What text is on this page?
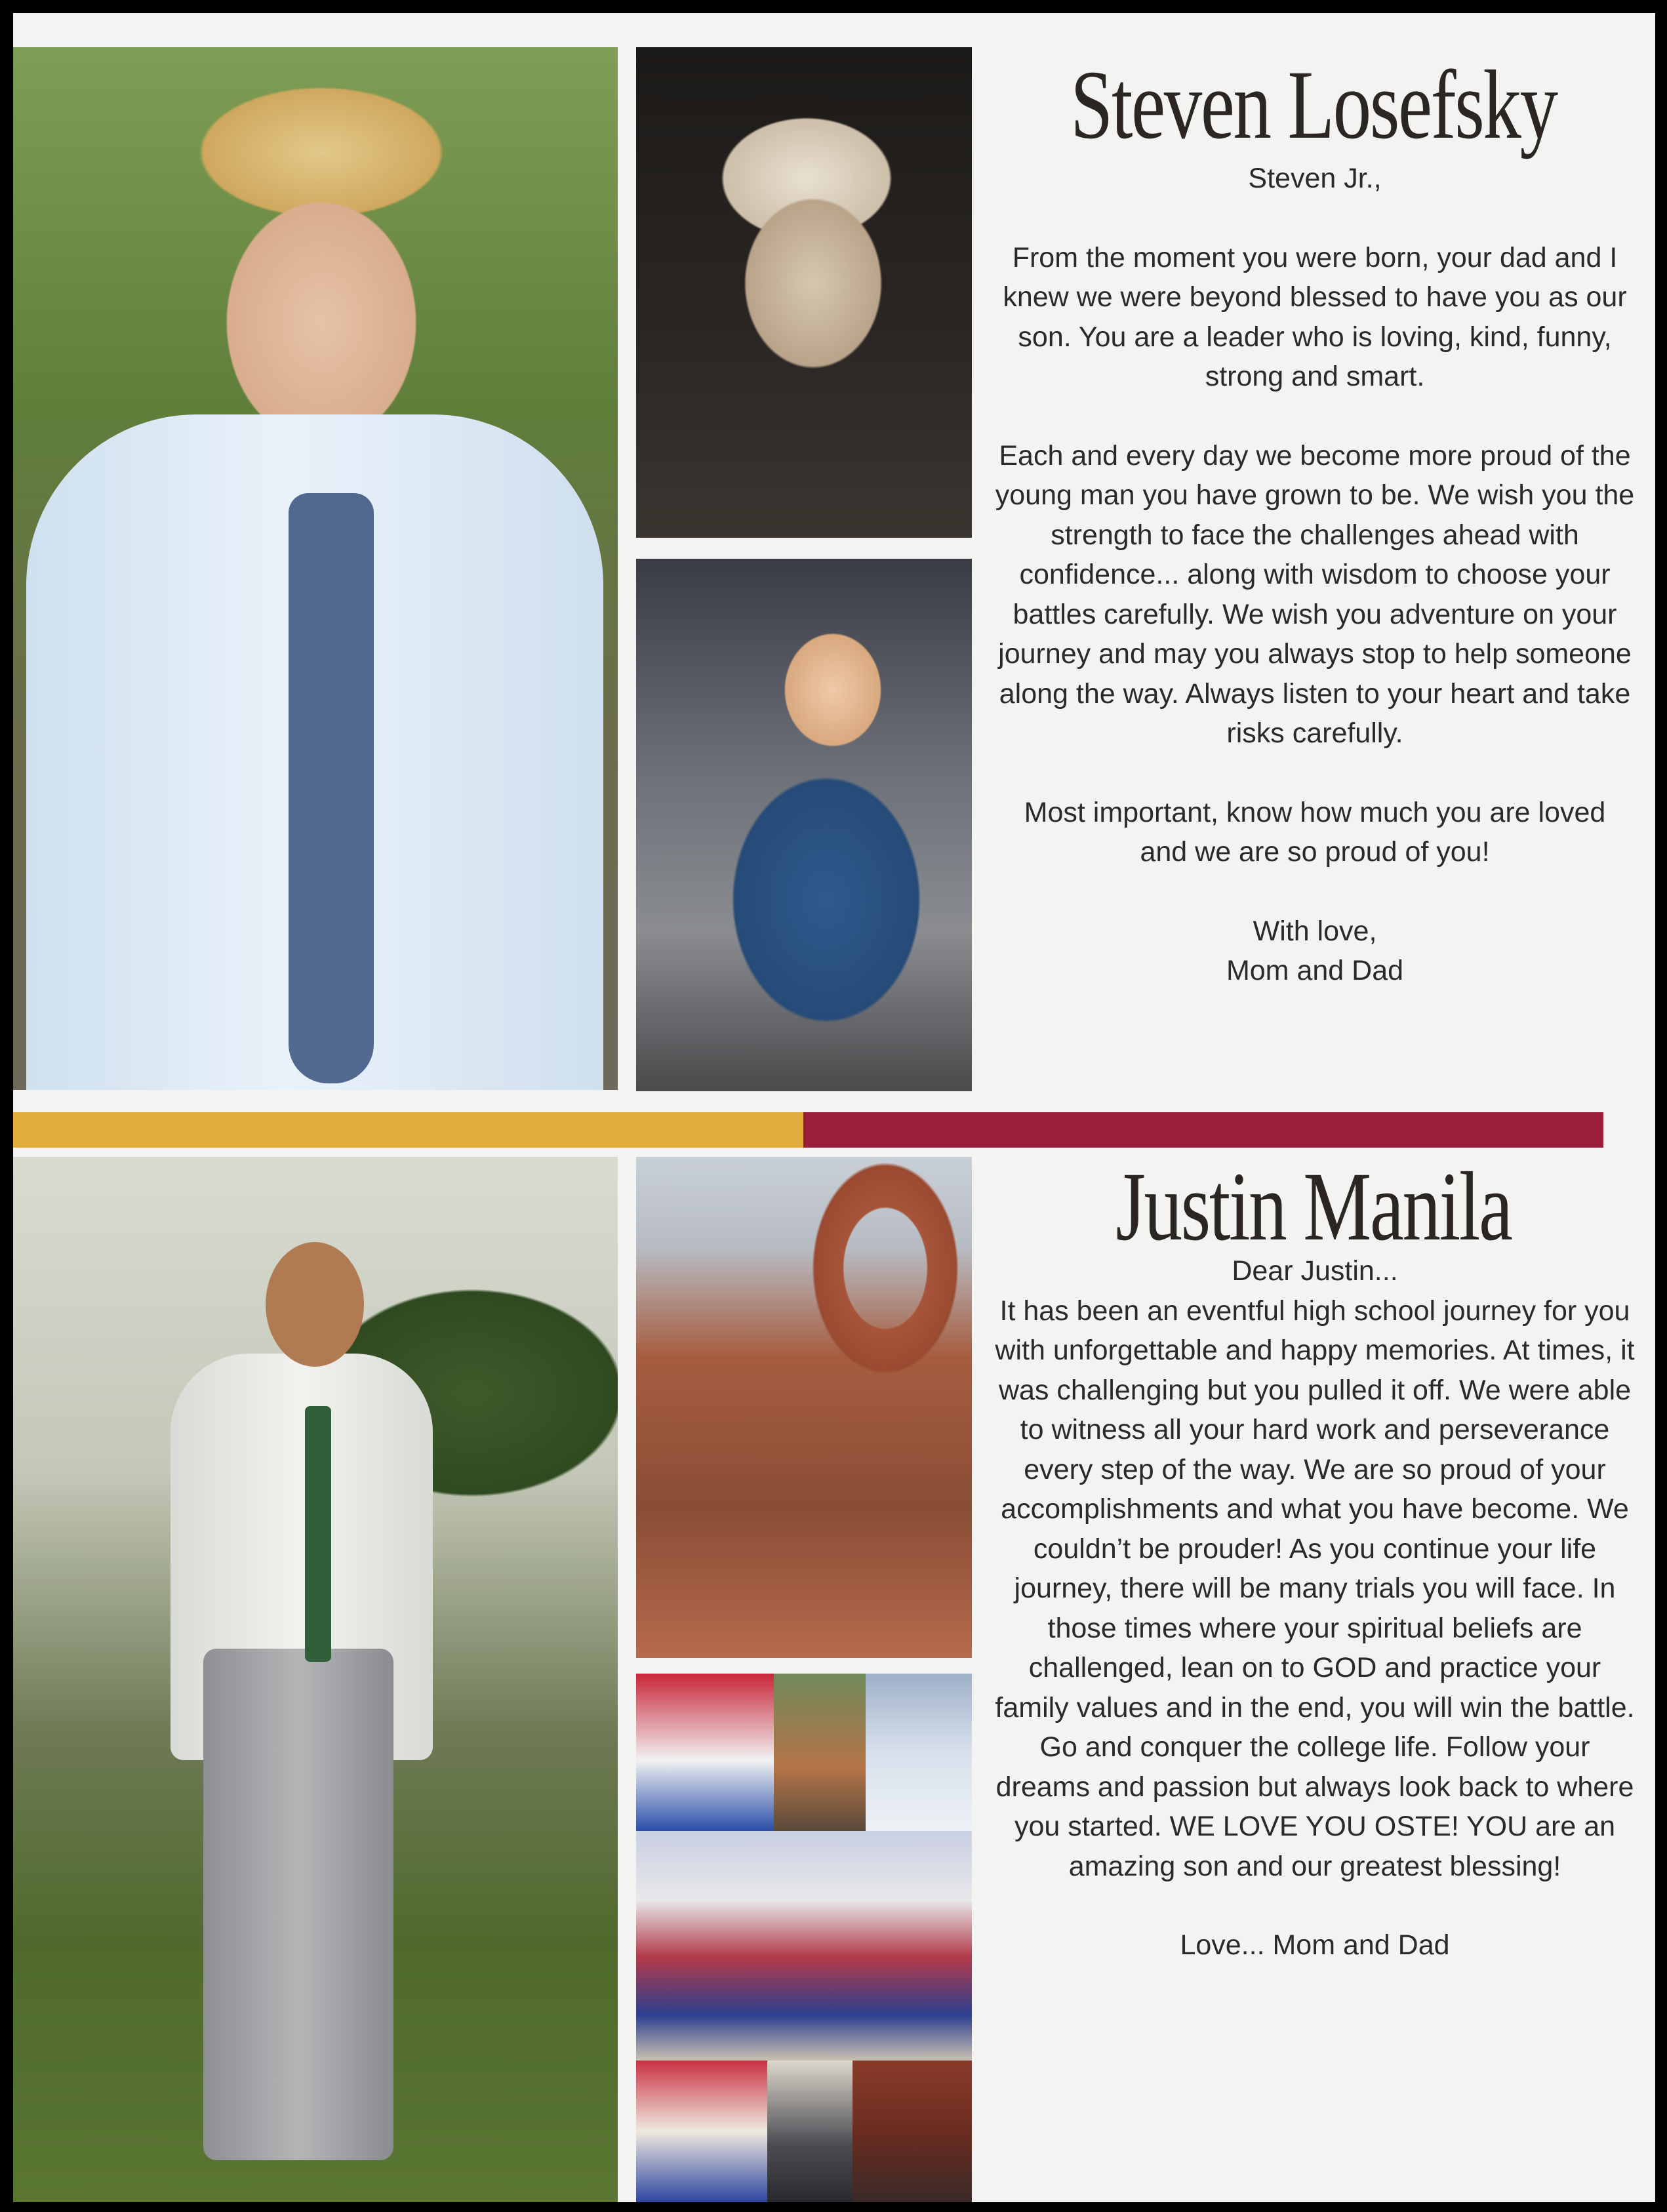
Steven Losefsky

Steven Jr.,

From the moment you were born, your dad and I knew we were beyond blessed to have you as our son. You are a leader who is loving, kind, funny, strong and smart.

Each and every day we become more proud of the young man you have grown to be. We wish you the strength to face the challenges ahead with confidence... along with wisdom to choose your battles carefully. We wish you adventure on your journey and may you always stop to help someone along the way. Always listen to your heart and take risks carefully.

Most important, know how much you are loved and we are so proud of you!

With love,

Mom and Dad

Justin Manila

Dear Justin...

It has been an eventful high school journey for you with unforgettable and happy memories. At times, it was challenging but you pulled it off. We were able to witness all your hard work and perseverance every step of the way. We are so proud of your accomplishments and what you have become. We couldn’t be prouder! As you continue your life journey, there will be many trials you will face. In those times where your spiritual beliefs are challenged, lean on to GOD and practice your family values and in the end, you will win the battle. Go and conquer the college life. Follow your dreams and passion but always look back to where you started. WE LOVE YOU OSTE! YOU are an amazing son and our greatest blessing!

Love... Mom and Dad
